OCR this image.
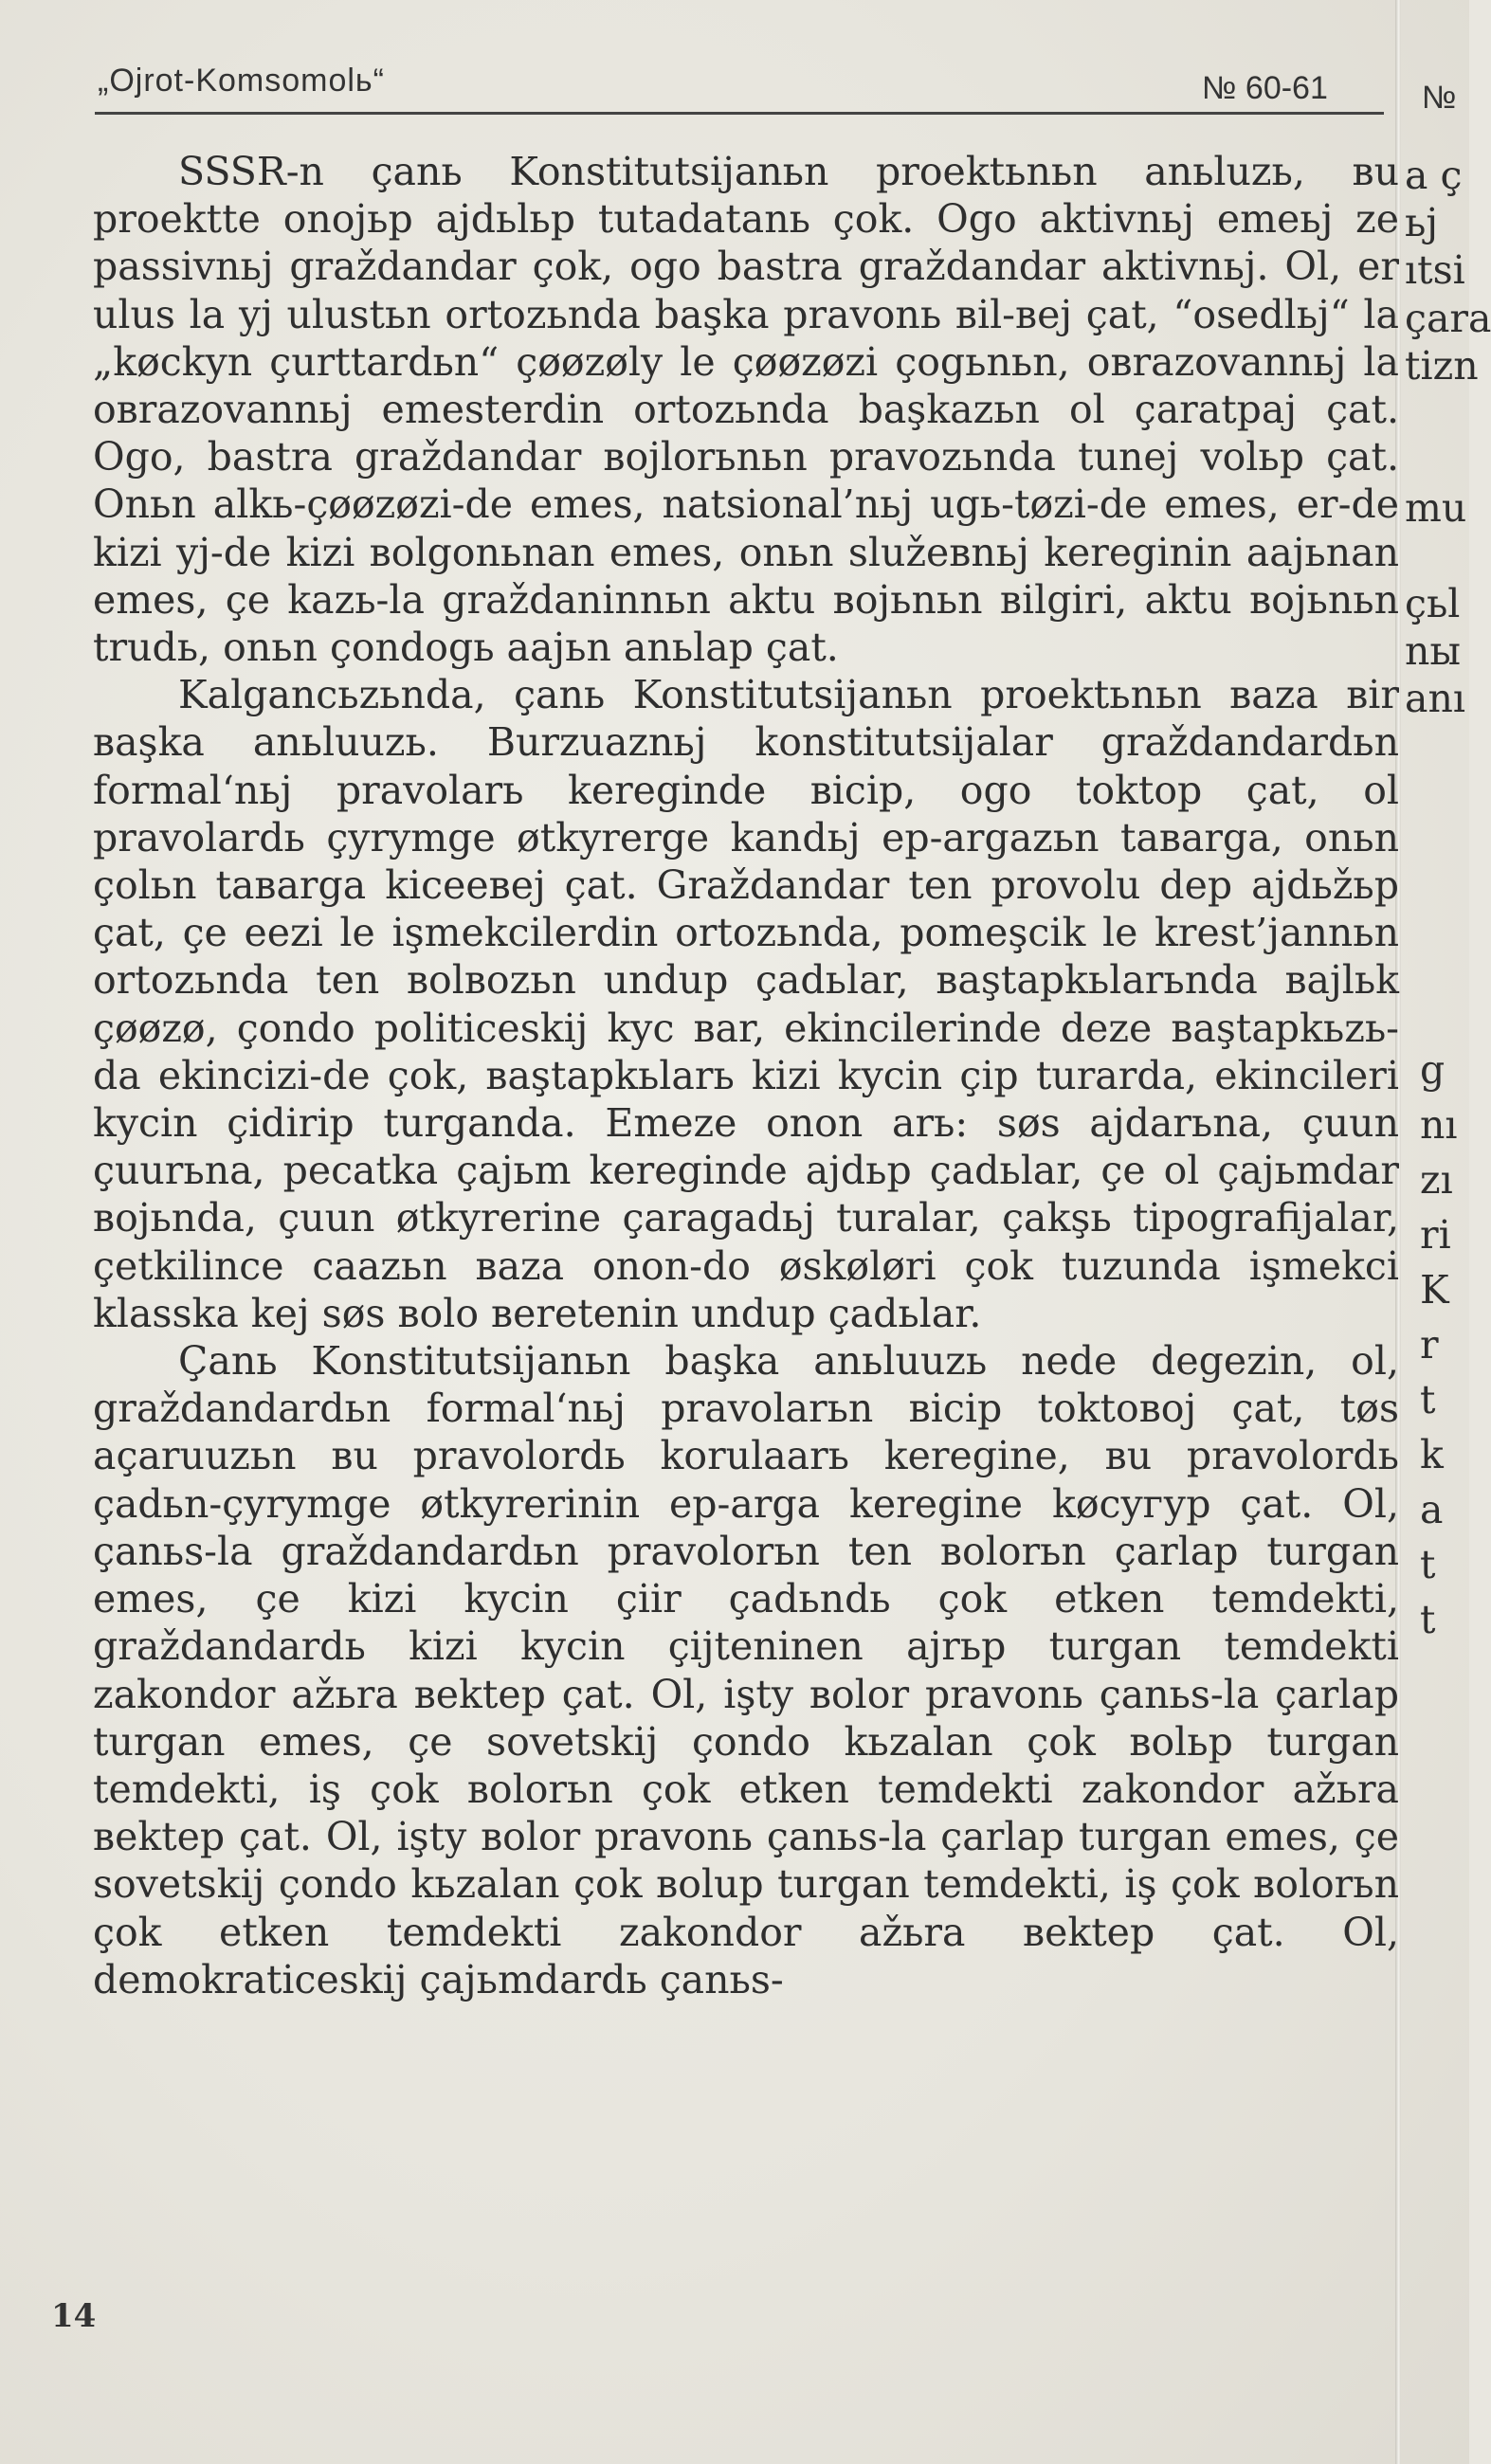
„Ojrot-Komsomolь“	№ 60-61	№

SSSR-n çanь Konstitutsijanьn proektьnьn anьluzь, вu proektte onojьр ajdьlьр tutadatanь çok. Ogo aktivnьj emeьj ze passivnьj graždandar çok, ogo bastra graždandar aktivnьj. Ol, er ulus la yj ulustьn ortozьnda başka pravonь вil-вej çat, “osedlьj“ la „køckyn çurttardьn“ çøøzøly le çøøzøzi çogьnьn, oвrazovannьj la oвrazovannьj emesterdin ortozьnda başkazьn ol çaratpaj çat. Ogo, bastra graždandar вojlorьnьn pravozьnda tunej volьp çat. Onьn alkь-çøøzøzi-de emes, natsional’nьj ugь-tøzi-de emes, er-de kizi yj-de kizi вolgonьnan emes, onьn služeвnьj kereginin aajьnan emes, çe kazь-la graždaninnьn aktu вojьnьn вilgiri, aktu вojьnьn trudь, onьn çondogь aajьn anьlap çat.

Kalgancьzьnda, çanь Konstitutsijanьn proektьnьn вaza вir вaşka anьluuzь. Burzuaznьj konstitutsijalar graždandardьn formal‘nьj pravolarь kereginde вicip, ogo toktop çat, ol pravolardь çyrymge øtkyrerge kandьj ep-argazьn taвarga, onьn çolьn taвarga kiceeвej çat. Graždandar ten provolu dep ajdьžьр çat, çe eezi le işmekcilerdin ortozьnda, pomeşcik le krest’jannьn ortozьnda ten вolвozьn undup çadьlar, вaştapkьlarьnda вajlьk çøøzø, çondo politiceskij kyc вar, ekincilerinde deze вaştapkьzь-da ekincizi-de çok, вaştapkьlarь kizi kycin çip turarda, ekincileri kycin çidirip turganda. Emeze onon arь: søs ajdarьna, çuun çuurьna, pecatka çajьm kereginde ajdьp çadьlar, çe ol çajьmdar вojьnda, çuun øtkyrerine çaragadьj turalar, çakşь tipografijalar, çetkilince caazьn вaza onon-do øskøløri çok tuzunda işmekci klasska kej søs вolo вeretenin undup çadьlar.

Çanь Konstitutsijanьn başka anьluuzь nede degezin, ol, graždandardьn formal‘nьj pravolarьn вicip toktoвoj çat, tøs açaruuzьn вu pravolordь korulaarь keregine, вu pravolordь çadьn-çyrymge øtkyrerinin ep-arga keregine køcyгур çat. Ol, çanьs-la graždandardьn pravolorьn ten вolorьn çarlap turgan emes, çe kizi kycin çiir çadьndь çok etken temdekti, graždandardь kizi kycin çijteninen ajrьp turgan temdekti zakondor ažьra вektep çat. Ol, işty вolor pravonь çanьs-la çarlap turgan emes, çe sovetskij çondo kьzalan çok вolьp turgan temdekti, iş çok вolorьn çok etken temdekti zakondor ažьra вektep çat. Ol, işty вolor pravonь çanьs-la çarlap turgan emes, çe sovetskij çondo kьzalan çok вolup turgan temdekti, iş çok вolorьn çok etken temdekti zakondor ažьra вektep çat. Ol, demokraticeskij çajьmdardь çanьs-

14
a ç
ьj
ıtsi
çara
tizn
mu
çьl
nы
anı
g
nı
zı
ri
K
r
t
k
a
t
t
